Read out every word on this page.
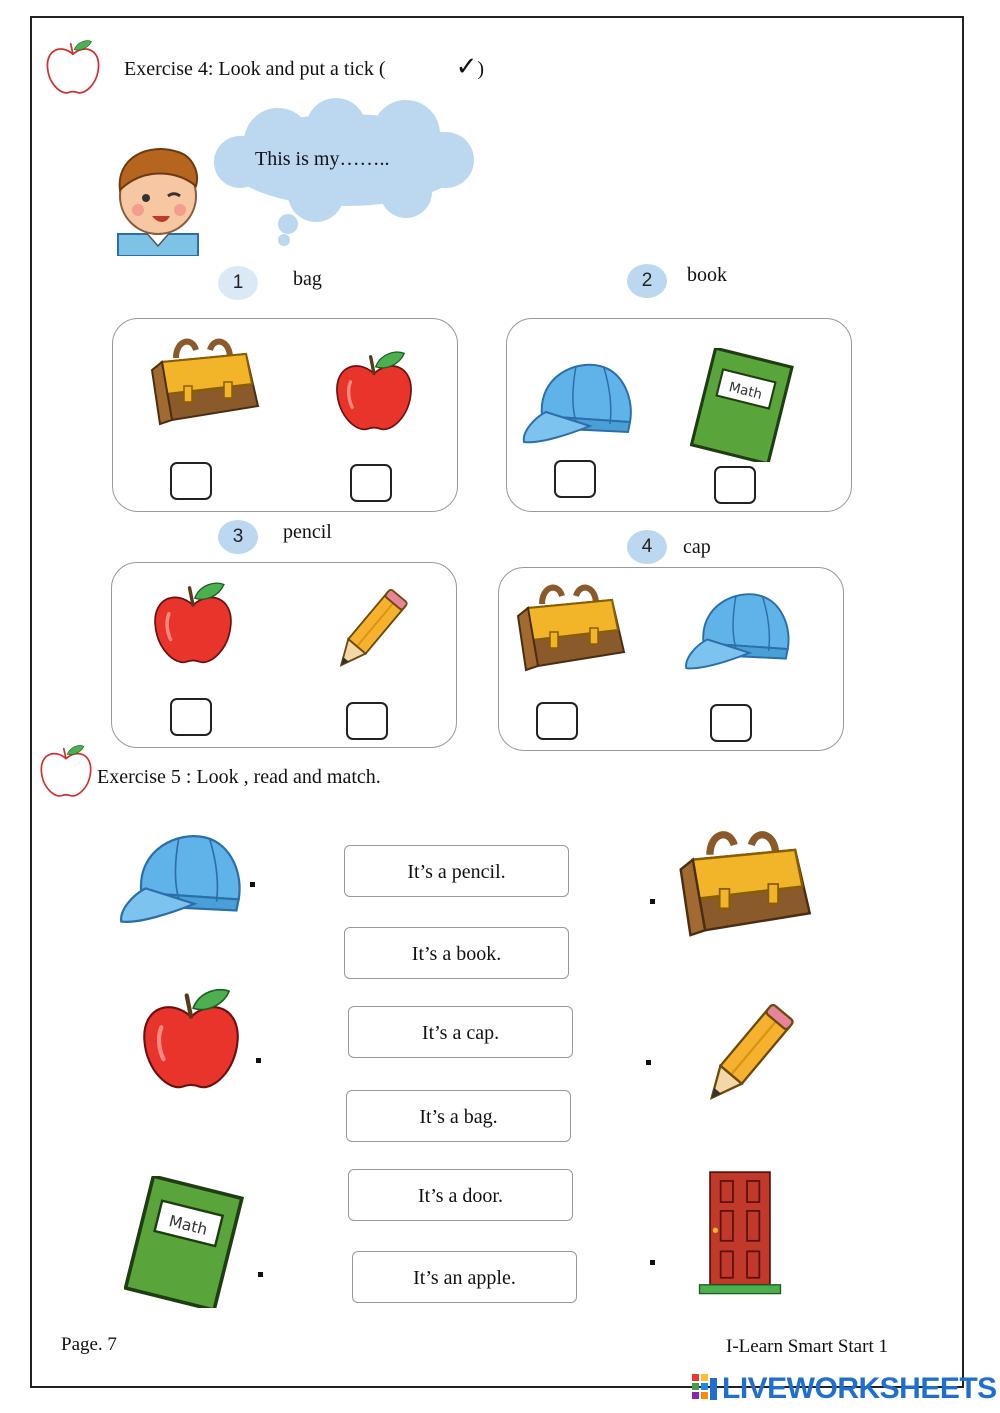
Exercise 4: Look and put a tick (	✓)
This is my……..
1	bag	2	book
3	pencil
4	cap
Exercise 5 : Look , read and match.
It’s a pencil.
It’s a book.
It’s a cap.
It’s a bag.
It’s a door.
It’s an apple.
Page. 7	I-Learn Smart Start 1
LIVEWORKSHEETS
